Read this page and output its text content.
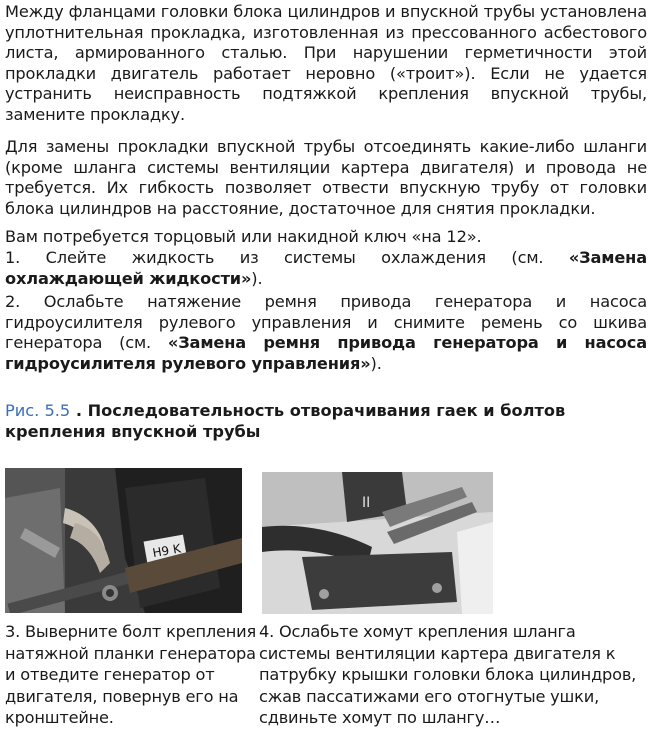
Между фланцами головки блока цилиндров и впускной трубы установлена уплотнительная прокладка, изготовленная из прессованного асбестового листа, армированного сталью. При нарушении герметичности этой прокладки двигатель работает неровно («троит»). Если не удается устранить неисправность подтяжкой крепления впускной трубы, замените прокладку.

Для замены прокладки впускной трубы отсоединять какие-либо шланги (кроме шланга системы вентиляции картера двигателя) и провода не требуется. Их гибкость позволяет отвести впускную трубу от головки блока цилиндров на расстояние, достаточное для снятия прокладки.

Вам потребуется торцовый или накидной ключ «на 12».

1. Слейте жидкость из системы охлаждения (см. «Замена охлаждающей жидкости»).

2. Ослабьте натяжение ремня привода генератора и насоса гидроусилителя рулевого управления и снимите ремень со шкива генератора (см. «Замена ремня привода генератора и насоса гидроусилителя рулевого управления»).

Рис. 5.5 . Последовательность отворачивания гаек и болтов крепления впускной трубы

H9 K
II

3. Выверните болт крепления натяжной планки генератора и отведите генератор от двигателя, повернув его на кронштейне.

4. Ослабьте хомут крепления шланга системы вентиляции картера двигателя к патрубку крышки головки блока цилиндров, сжав пассатижами его отогнутые ушки, сдвиньте хомут по шлангу…
